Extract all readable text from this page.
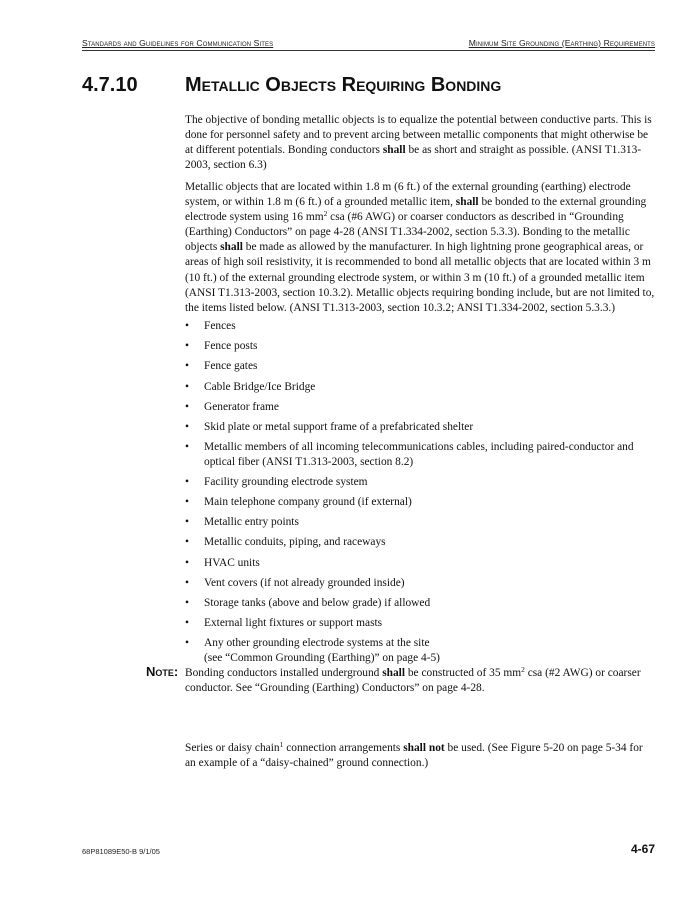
Standards and Guidelines for Communication Sites	Minimum Site Grounding (Earthing) Requirements
4.7.10 Metallic Objects Requiring Bonding
The objective of bonding metallic objects is to equalize the potential between conductive parts. This is done for personnel safety and to prevent arcing between metallic components that might otherwise be at different potentials. Bonding conductors shall be as short and straight as possible. (ANSI T1.313-2003, section 6.3)
Metallic objects that are located within 1.8 m (6 ft.) of the external grounding (earthing) electrode system, or within 1.8 m (6 ft.) of a grounded metallic item, shall be bonded to the external grounding electrode system using 16 $mm^2$ csa (#6 AWG) or coarser conductors as described in “Grounding (Earthing) Conductors” on page 4-28 (ANSI T1.334-2002, section 5.3.3). Bonding to the metallic objects shall be made as allowed by the manufacturer. In high lightning prone geographical areas, or areas of high soil resistivity, it is recommended to bond all metallic objects that are located within 3 m (10 ft.) of the external grounding electrode system, or within 3 m (10 ft.) of a grounded metallic item (ANSI T1.313-2003, section 10.3.2). Metallic objects requiring bonding include, but are not limited to, the items listed below. (ANSI T1.313-2003, section 10.3.2; ANSI T1.334-2002, section 5.3.3.)
• Fences
• Fence posts
• Fence gates
• Cable Bridge/Ice Bridge
• Generator frame
• Skid plate or metal support frame of a prefabricated shelter
• Metallic members of all incoming telecommunications cables, including paired-conductor and optical fiber (ANSI T1.313-2003, section 8.2)
• Facility grounding electrode system
• Main telephone company ground (if external)
• Metallic entry points
• Metallic conduits, piping, and raceways
• HVAC units
• Vent covers (if not already grounded inside)
• Storage tanks (above and below grade) if allowed
• External light fixtures or support masts
• Any other grounding electrode systems at the site
(see “Common Grounding (Earthing)” on page 4-5)
Note: Bonding conductors installed underground shall be constructed of 35 $mm^2$ csa (#2 AWG) or coarser conductor. See “Grounding (Earthing) Conductors” on page 4-28.
Series or daisy chain$^1$ connection arrangements shall not be used. (See Figure 5-20 on page 5-34 for an example of a “daisy-chained” ground connection.)
68P81089E50-B 9/1/05	4-67
